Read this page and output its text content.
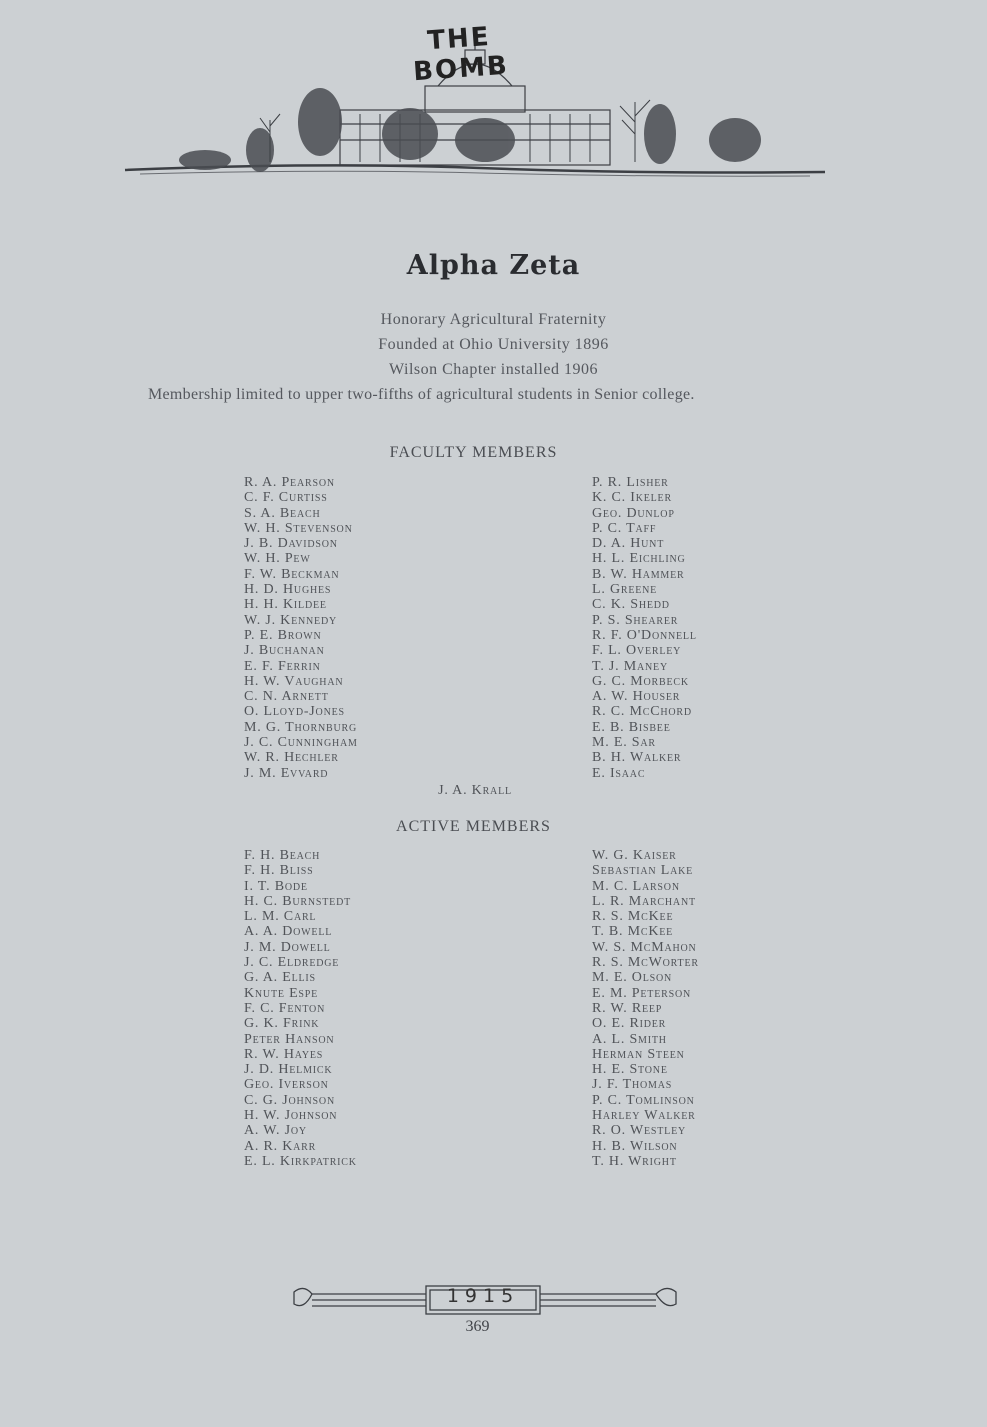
THE BOMB
Alpha Zeta
Honorary Agricultural Fraternity
Founded at Ohio University 1896
Wilson Chapter installed 1906
Membership limited to upper two-fifths of agricultural students in Senior college.
FACULTY MEMBERS
R. A. Pearson
C. F. Curtiss
S. A. Beach
W. H. Stevenson
J. B. Davidson
W. H. Pew
F. W. Beckman
H. D. Hughes
H. H. Kildee
W. J. Kennedy
P. E. Brown
J. Buchanan
E. F. Ferrin
H. W. Vaughan
C. N. Arnett
O. Lloyd-Jones
M. G. Thornburg
J. C. Cunningham
W. R. Hechler
J. M. Evvard
P. R. Lisher
K. C. Ikeler
Geo. Dunlop
P. C. Taff
D. A. Hunt
H. L. Eichling
B. W. Hammer
L. Greene
C. K. Shedd
P. S. Shearer
R. F. O'Donnell
F. L. Overley
T. J. Maney
G. C. Morbeck
A. W. Houser
R. C. McChord
E. B. Bisbee
M. E. Sar
B. H. Walker
E. Isaac
J. A. Krall
ACTIVE MEMBERS
F. H. Beach
F. H. Bliss
I. T. Bode
H. C. Burnstedt
L. M. Carl
A. A. Dowell
J. M. Dowell
J. C. Eldredge
G. A. Ellis
Knute Espe
F. C. Fenton
G. K. Frink
Peter Hanson
R. W. Hayes
J. D. Helmick
Geo. Iverson
C. G. Johnson
H. W. Johnson
A. W. Joy
A. R. Karr
E. L. Kirkpatrick
W. G. Kaiser
Sebastian Lake
M. C. Larson
L. R. Marchant
R. S. McKee
T. B. McKee
W. S. McMahon
R. S. McWorter
M. E. Olson
E. M. Peterson
R. W. Reep
O. E. Rider
A. L. Smith
Herman Steen
H. E. Stone
J. F. Thomas
P. C. Tomlinson
Harley Walker
R. O. Westley
H. B. Wilson
T. H. Wright
1915
369
